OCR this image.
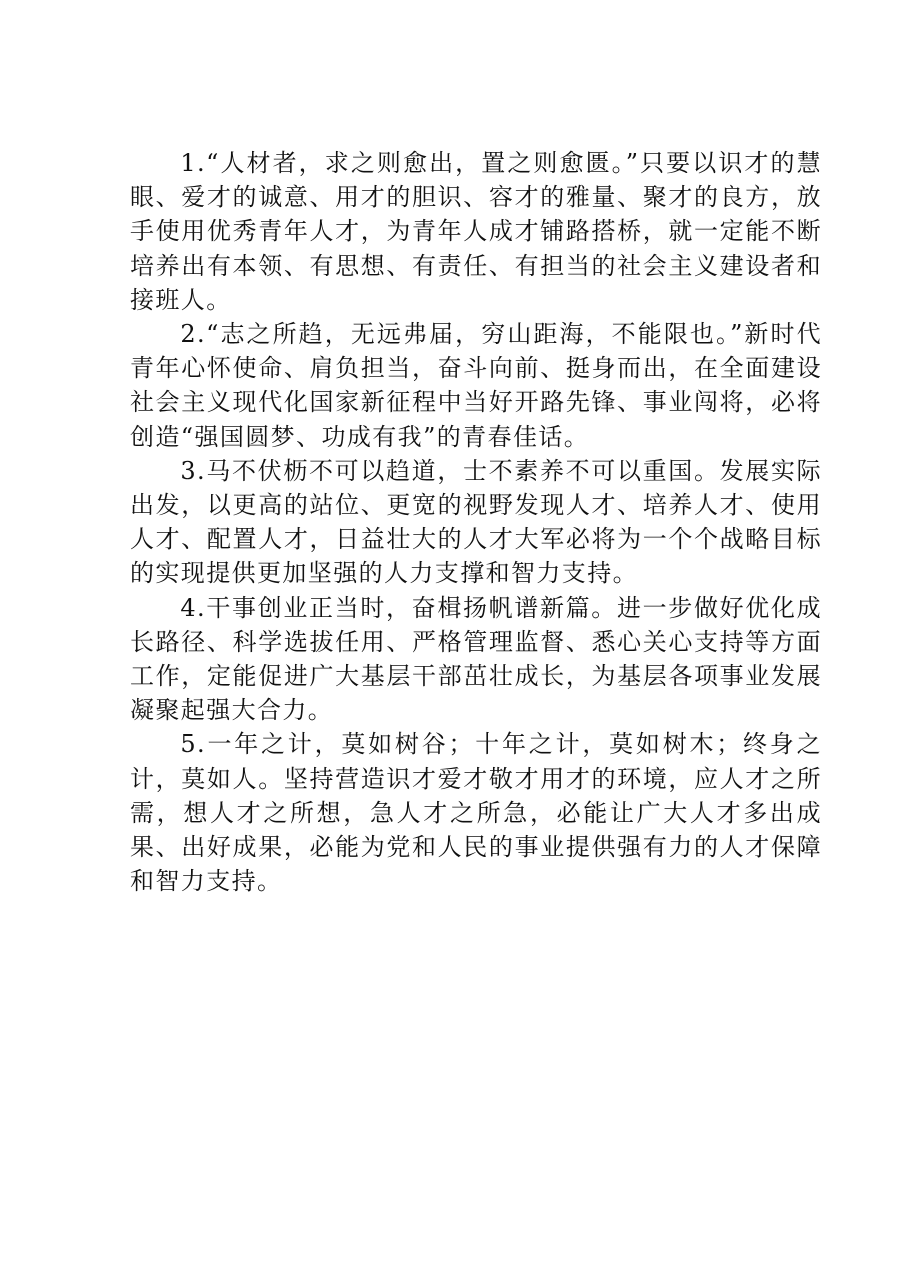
1.“人材者，求之则愈出，置之则愈匮。”只要以识才的慧眼、爱才的诚意、用才的胆识、容才的雅量、聚才的良方，放手使用优秀青年人才，为青年人成才铺路搭桥，就一定能不断培养出有本领、有思想、有责任、有担当的社会主义建设者和接班人。

2.“志之所趋，无远弗届，穷山距海，不能限也。”新时代青年心怀使命、肩负担当，奋斗向前、挺身而出，在全面建设社会主义现代化国家新征程中当好开路先锋、事业闯将，必将创造“强国圆梦、功成有我”的青春佳话。

3.马不伏枥不可以趋道，士不素养不可以重国。发展实际出发，以更高的站位、更宽的视野发现人才、培养人才、使用人才、配置人才，日益壮大的人才大军必将为一个个战略目标的实现提供更加坚强的人力支撑和智力支持。

4.干事创业正当时，奋楫扬帆谱新篇。进一步做好优化成长路径、科学选拔任用、严格管理监督、悉心关心支持等方面工作，定能促进广大基层干部茁壮成长，为基层各项事业发展凝聚起强大合力。

5.一年之计，莫如树谷；十年之计，莫如树木；终身之计，莫如人。坚持营造识才爱才敬才用才的环境，应人才之所需，想人才之所想，急人才之所急，必能让广大人才多出成果、出好成果，必能为党和人民的事业提供强有力的人才保障和智力支持。
